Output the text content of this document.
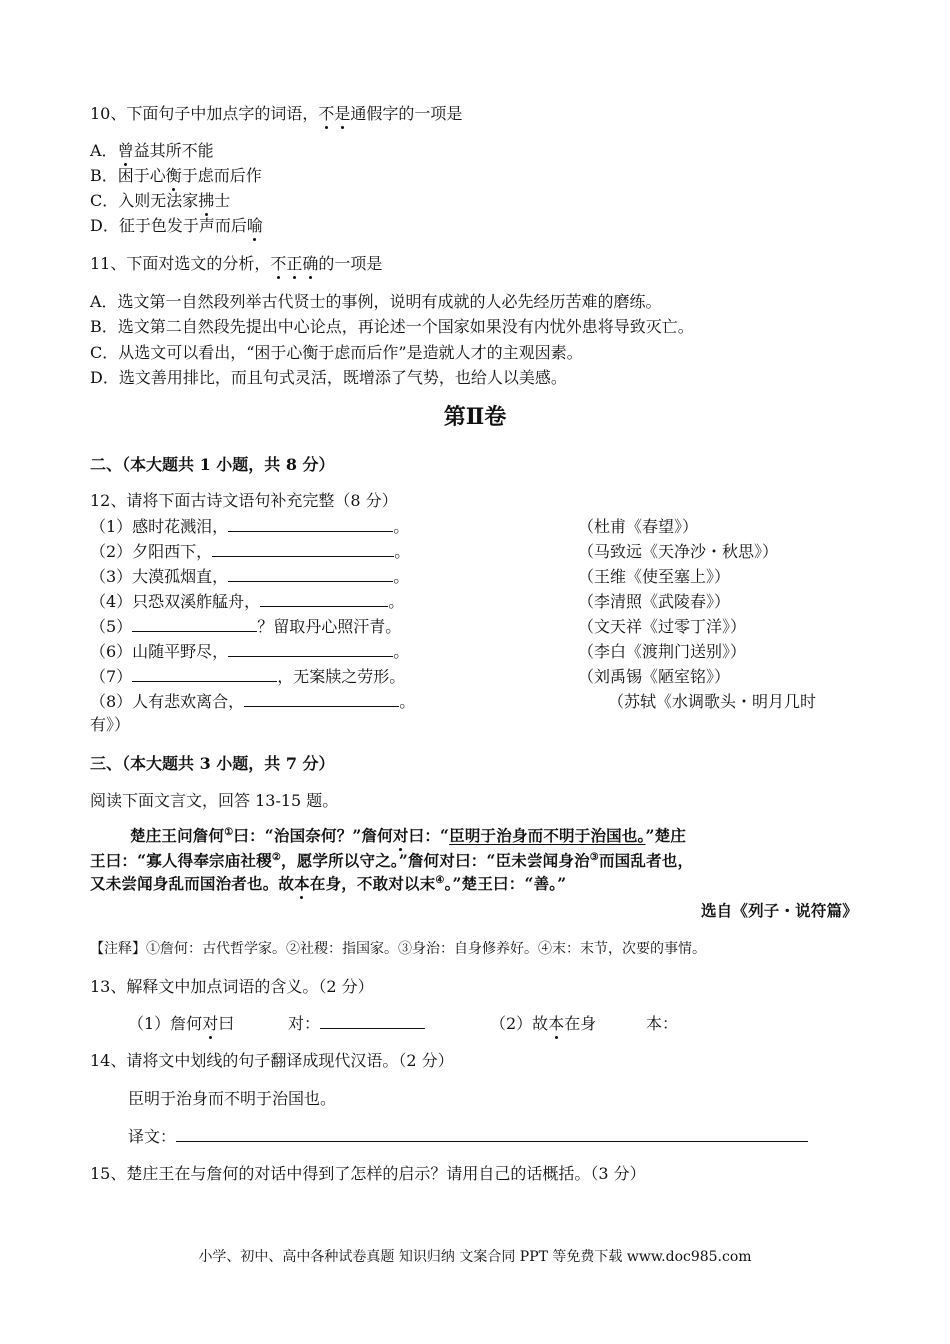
10、下面句子中加点字的词语，不是通假字的一项是
A．曾益其所不能
B．困于心衡于虑而后作
C．入则无法家拂士
D．征于色发于声而后喻
11、下面对选文的分析，不正确的一项是
A．选文第一自然段列举古代贤士的事例，说明有成就的人必先经历苦难的磨练。
B．选文第二自然段先提出中心论点，再论述一个国家如果没有内忧外患将导致灭亡。
C．从选文可以看出，“困于心衡于虑而后作”是造就人才的主观因素。
D．选文善用排比，而且句式灵活，既增添了气势，也给人以美感。
第Ⅱ卷
二、（本大题共 1 小题，共 8 分）
12、请将下面古诗文语句补充完整（8 分）
（1）感时花溅泪，	。	（杜甫《春望》）
（2）夕阳西下，	。	（马致远《天净沙・秋思》）
（3）大漠孤烟直，	。	（王维《使至塞上》）
（4）只恐双溪舴艋舟，	。	（李清照《武陵春》）
（5）	？留取丹心照汗青。	（文天祥《过零丁洋》）
（6）山随平野尽，	。	（李白《渡荆门送别》）
（7）	，无案牍之劳形。	（刘禹锡《陋室铭》）
（8）人有悲欢离合，	。	（苏轼《水调歌头・明月几时
有》）
三、（本大题共 3 小题，共 7 分）
阅读下面文言文，回答 13-15 题。
楚庄王问詹何①曰：“治国奈何？”詹何对曰：“臣明于治身而不明于治国也。”楚庄
王曰：“寡人得奉宗庙社稷②，愿学所以守之。”詹何对曰：“臣未尝闻身治③而国乱者也，
又未尝闻身乱而国治者也。故本在身，不敢对以末④。”楚王曰：“善。”
选自《列子・说符篇》
【注释】①詹何：古代哲学家。②社稷：指国家。③身治：自身修养好。④末：末节，次要的事情。
13、解释文中加点词语的含义。（2 分）
（1）詹何对曰	对：	（2）故本在身	本：
14、请将文中划线的句子翻译成现代汉语。（2 分）
臣明于治身而不明于治国也。
译文：
15、楚庄王在与詹何的对话中得到了怎样的启示？请用自己的话概括。（3 分）
小学、初中、高中各种试卷真题 知识归纳 文案合同 PPT 等免费下载 www.doc985.com
